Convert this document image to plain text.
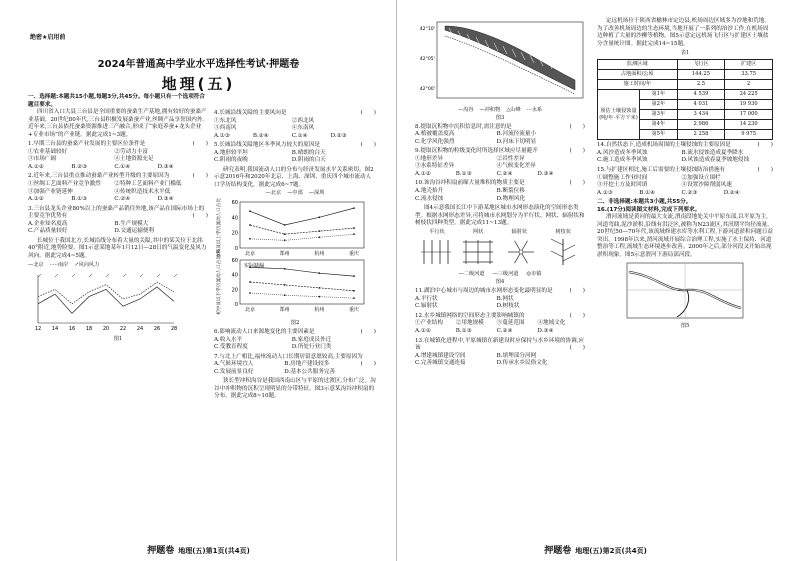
绝密★启用前
2024年普通高中学业水平选择性考试·押题卷
地理(五)
一、选择题:本题共15小题,每题3分,共45分。每小题只有一个选项符合题目要求。
四川省入口大县三台县是全国重要的蚕桑生产基地,拥有较好的蚕桑产业基础。20世纪80年代,三台县积极发展桑蚕产业,丝绸产品享誉国内外。近年来,三台县依托蚕桑资源推进三产融合,形成了“家庭养蚕+龙头企业+专业市场”的产业链。据此完成1~3题。
1.早期三台县的蚕桑产业发展的主要区位条件是	(　　)
①农业基础较好	②劳动力丰富
③市场广阔	④土地资源充足
A.①②	B.②③	C.①④	D.③④
2.近年来,三台县重点推动蚕桑产业转型升级的主要原因为	(　　)
①丝绸工艺面料产业竞争激烈	②特种工艺面料产业门槛低
③加强产业链延伸	④传统织造技术水平低
A.①②	B.①③	C.②④	D.③④
3.三台县龙头企业80%以上的蚕桑产品销往外地,该产品在国际市场上的主要竞争优势有	(　　)
A.企业知名度高	B.生产规模大
C.产品质量较好	D.交通运输便利
长城位于我国北方,长城沿线分布着大量的关隘,其中的某关位于北纬40°附近,地势险要。图1示意某地某年1月12日—28日的气温变化及风力风向。据此完成4~5题。
—北京 ·····南岸 ↗风向风力
12 14 16 18 20 22 24 26 28
图1
4.长城沿线关隘的主要风向是	(　　)
①东北风	②西北风
③西南风	④东南风
A.①③	B.②④	C.①④	D.②③
5.长城沿线关隘地区冬季风力较大的原因是	(　　)
A.地形较平坦	B.晴朗的白天
C.阴雨的夜晚	D.阴雨的白天
研究表明,我国流动人口的分布与经济发展水平关系密切。图2示意2016年和2020年北京、上海、深圳、重庆四个城市流动人口学历结构变化。据此完成6~7题。
—北京 —中部 —深圳
60
40
20
0
本科及以上学历流动人口占比/%	北京	郑州	杭州	重庆
60
40
20
0
初中及以下学历流动人口占比/%	实际缺漏
北京	郑州	杭州	重庆
图2
6.影响流动人口来源地变化的主要因素是	(　　)
A.收入水平	B.家庭成员外迁
C.受教育程度	D.所处行业门类
7.与北上广相比,福州流动人口长期居留意愿较高,主要原因为
(　　)
A.气候环境宜人	B.房地产建设较多
C.发展前景良好	D.基本公共服务完善
狭长型冲积沟谷是我国西南山区与平原的过渡区,分布广泛。沟谷中冲积物的沉积呈现明显的分带特征。图3示意某沟谷冲积扇的分布。据此完成8~10题。
押题卷 地理(五)第1页(共4页)
42°10'
42°05'
42°00'
—沟谷 —冲积物 △山峰 ···水系
图3
8.提取沉积物中沉积信息时,需注意的是	(　　)
A.植被覆盖度高	B.河流径流量小
C.化学风化强烈	D.河床下切明显
9.提取沉积物的粒级变化时所选择区域应尽量避开	(　　)
①地形差异	②岩性差异
③水系特征差异	④气候变化差异
A.①②	B.①③	C.②④	D.③④
10.该沟谷冲积扇前缘大量堆积的物质主要是	(　　)
A.地壳抬升	B.断裂位移
C.流水侵蚀	D.物理风化
图4示意我国长江中下游某地区城市水网形态演化的空间形态类型。根据水网形态差异,可将城市水网划分为平行状、网状、辐射状和树枝状四种类型。据此完成11~13题。
平行状	网状	辐射状	树枝状
—二级河道 —三级河道 ◎市镇
图4
11.湖泊中心城市与周边的城市水网形态变化最明显的是	(　　)
A.平行状	B.网状
C.辐射状	D.树枝状
12.水乡城镇网络的空间形态主要影响城镇的	(　　)
①产业结构	②用地规模	③蔓延范围	④地域文化
A.①②	B.①③	C.②④	D.③④
13.在城镇化进程中,平原城镇在新建设时应保持与水乡环境的协调,应该	(　　)
A.增建城镇建设空间	B.填埋部分河网
C.完善城镇交通连接	D.传承水乡民俗文化
定远机场位于陕西省榆林市定边县,机场周边区域多为沙地和荒地。为了改善机场周边的生态环境,当地开展了一系列的治沙工作,在机场周边种植了大量的沙柳等植物。图5示意定远机场飞行区与扩建区土壤盐分含量统计图。据此完成14~15题。
表1
监测区域		飞行区	扩建区
占地面积/公顷		144.25	33.75
施工时间/年		2.5	2
预估土壤侵蚀量(吨/年·平方千米)	第1年	4 539	24 225
	第2年	4 031	19 930
	第3年	3 434	17 000
	第4年	2 986	14 230
	第5年	2 258	9 975
14.自然状态下,造成机场周围的土壤侵蚀的主要原因是	(　　)
A.风沙造成冬季风蚀	B.流水侵蚀造成夏季降水
C.施工造成冬季风蚀	D.风蚀造成春夏季坡地侵蚀
15.与扩建区相比,施工后需要的土壤侵蚀防治措施有	(　　)
①调整施工作业时间	②加强设立围栏
③开挖土方及时回填	④设置沙障削弱风速
A.①③	B.①④	C.②③	D.②④
二、非选择题:本题共3小题,共55分。
16.(17分)阅读图文材料,完成下列要求。
渭河流域是黄河的最大支流,渭南段地处关中平原东部,以平原为主,河道弯曲,泥沙淤积,沿线有洪泛区,被称为N23流区,其汛期平均径流量。20世纪50—70年代,该流域修建水库等水利工程,下游河道淤积问题日益突出。1998年以来,渭河流域开展综合治理工程,实施了水土保持、河道整治等工程,流域生态环境逐步改善。2000年之后,部分河段又开始出现淤积现象。图5示意渭河下游局部河段。
图5
押题卷 地理(五)第2页(共4页)
